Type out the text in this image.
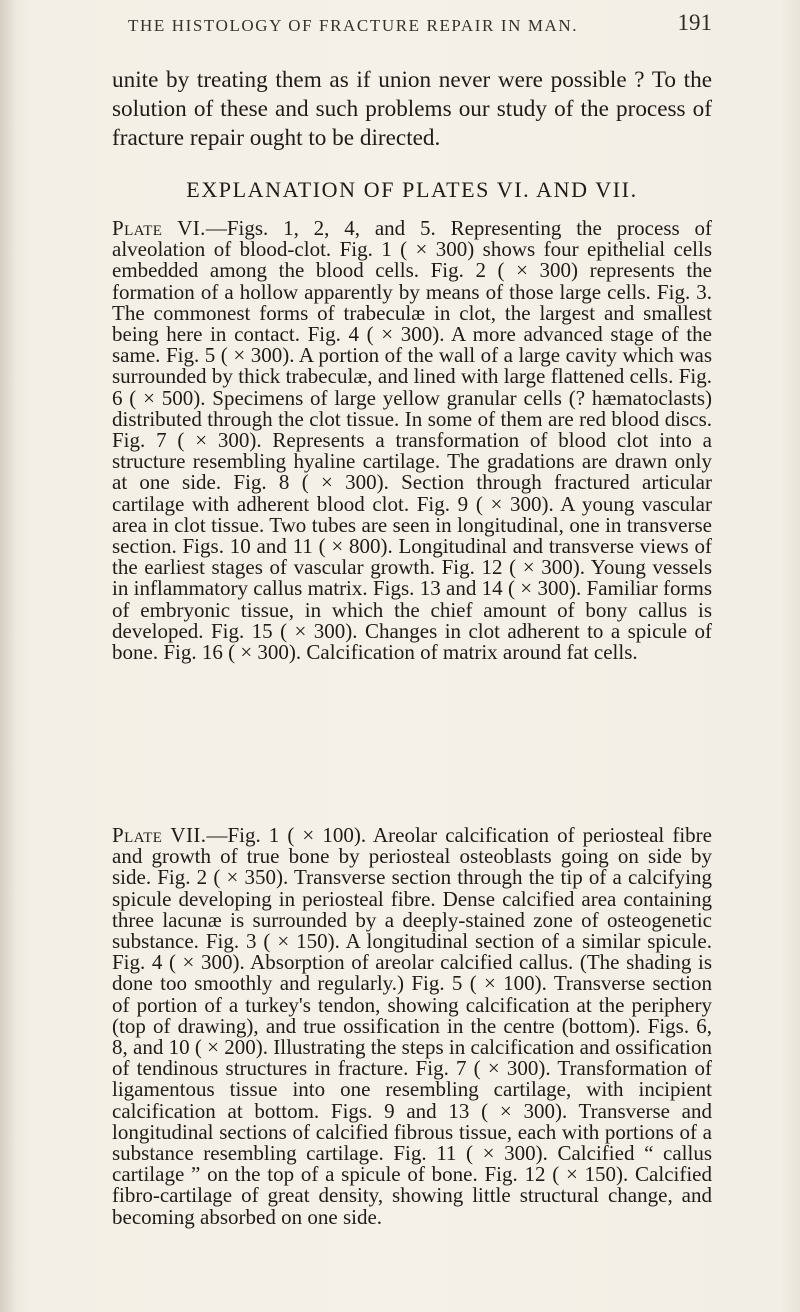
THE HISTOLOGY OF FRACTURE REPAIR IN MAN.	191

unite by treating them as if union never were possible ? To the solution of these and such problems our study of the process of fracture repair ought to be directed.

EXPLANATION OF PLATES VI. AND VII.

Plate VI.—Figs. 1, 2, 4, and 5. Representing the process of alveolation of blood-clot. Fig. 1 ( × 300) shows four epithelial cells embedded among the blood cells. Fig. 2 ( × 300) represents the formation of a hollow apparently by means of those large cells. Fig. 3. The commonest forms of trabeculæ in clot, the largest and smallest being here in contact. Fig. 4 ( × 300). A more advanced stage of the same. Fig. 5 ( × 300). A portion of the wall of a large cavity which was surrounded by thick trabeculæ, and lined with large flattened cells. Fig. 6 ( × 500). Specimens of large yellow granular cells (? hæmatoclasts) distributed through the clot tissue. In some of them are red blood discs. Fig. 7 ( × 300). Represents a transformation of blood clot into a structure resembling hyaline cartilage. The gradations are drawn only at one side. Fig. 8 ( × 300). Section through fractured articular cartilage with adherent blood clot. Fig. 9 ( × 300). A young vascular area in clot tissue. Two tubes are seen in longitudinal, one in transverse section. Figs. 10 and 11 ( × 800). Longitudinal and transverse views of the earliest stages of vascular growth. Fig. 12 ( × 300). Young vessels in inflammatory callus matrix. Figs. 13 and 14 ( × 300). Familiar forms of embryonic tissue, in which the chief amount of bony callus is developed. Fig. 15 ( × 300). Changes in clot adherent to a spicule of bone. Fig. 16 ( × 300). Calcification of matrix around fat cells.

Plate VII.—Fig. 1 ( × 100). Areolar calcification of periosteal fibre and growth of true bone by periosteal osteoblasts going on side by side. Fig. 2 ( × 350). Transverse section through the tip of a calcifying spicule developing in periosteal fibre. Dense calcified area containing three lacunæ is surrounded by a deeply-stained zone of osteogenetic substance. Fig. 3 ( × 150). A longitudinal section of a similar spicule. Fig. 4 ( × 300). Absorption of areolar calcified callus. (The shading is done too smoothly and regularly.) Fig. 5 ( × 100). Transverse section of portion of a turkey's tendon, showing calcification at the periphery (top of drawing), and true ossification in the centre (bottom). Figs. 6, 8, and 10 ( × 200). Illustrating the steps in calcification and ossification of tendinous structures in fracture. Fig. 7 ( × 300). Transformation of ligamentous tissue into one resembling cartilage, with incipient calcification at bottom. Figs. 9 and 13 ( × 300). Transverse and longitudinal sections of calcified fibrous tissue, each with portions of a substance resembling cartilage. Fig. 11 ( × 300). Calcified “ callus cartilage ” on the top of a spicule of bone. Fig. 12 ( × 150). Calcified fibro-cartilage of great density, showing little structural change, and becoming absorbed on one side.
